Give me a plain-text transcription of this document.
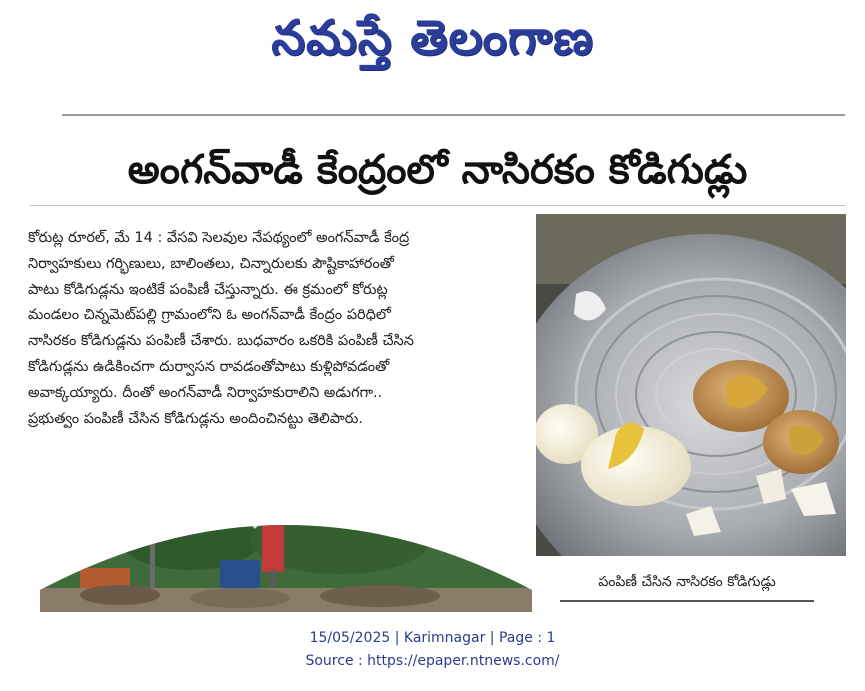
నమస్తే తెలంగాణ
అంగన్‌వాడీ కేంద్రంలో నాసిరకం కోడిగుడ్లు
కోరుట్ల రూరల్, మే 14 : వేసవి సెలవుల నేపథ్యంలో అంగన్‌వాడీ కేంద్ర
నిర్వాహకులు గర్భిణులు, బాలింతలు, చిన్నారులకు పౌష్టికాహారంతో
పాటు కోడిగుడ్లను ఇంటికే పంపిణీ చేస్తున్నారు. ఈ క్రమంలో కోరుట్ల
మండలం చిన్నమెట్‌పల్లి గ్రామంలోని ఓ అంగన్‌వాడీ కేంద్రం పరిధిలో
నాసిరకం కోడిగుడ్లను పంపిణీ చేశారు. బుధవారం ఒకరికి పంపిణీ చేసిన
కోడిగుడ్లను ఉడికించగా దుర్వాసన రావడంతోపాటు కుళ్లిపోవడంతో
అవాక్కయ్యారు. దీంతో అంగన్‌వాడీ నిర్వాహకురాలిని అడుగగా..
ప్రభుత్వం పంపిణీ చేసిన కోడిగుడ్లను అందించినట్టు తెలిపారు.
పంపిణీ చేసిన నాసిరకం కోడిగుడ్లు
15/05/2025 | Karimnagar | Page : 1
Source : https://epaper.ntnews.com/
